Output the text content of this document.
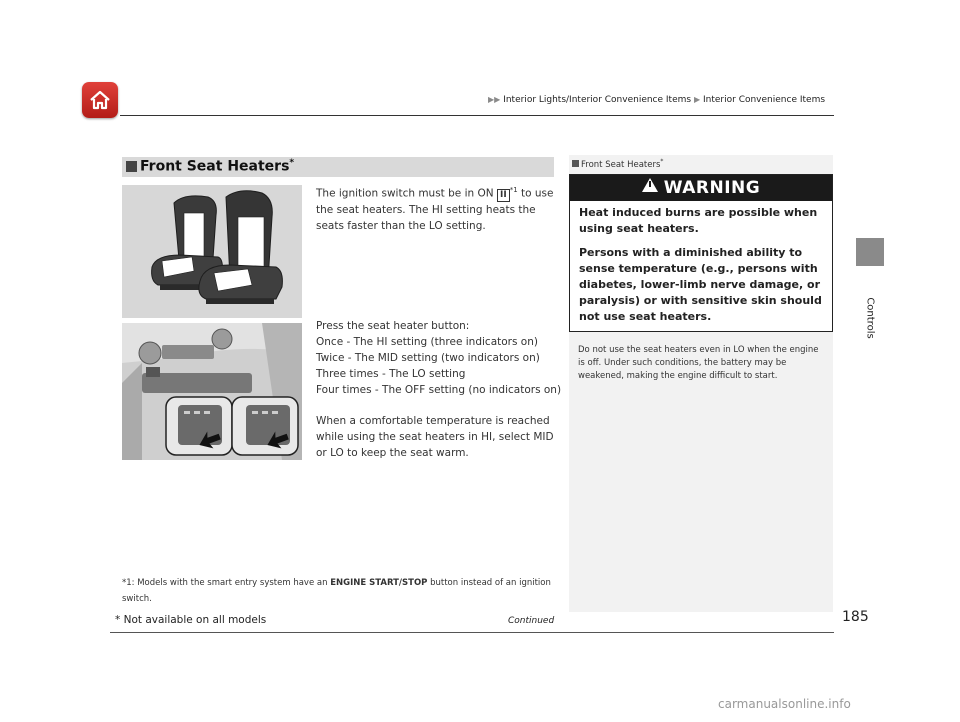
▶▶ Interior Lights/Interior Convenience Items ▶ Interior Convenience Items
Controls
Front Seat Heaters*
The ignition switch must be in ON II $^{*1}$ to use the seat heaters. The HI setting heats the seats faster than the LO setting.
Press the seat heater button:
Once - The HI setting (three indicators on)
Twice - The MID setting (two indicators on)
Three times - The LO setting
Four times - The OFF setting (no indicators on)
When a comfortable temperature is reached while using the seat heaters in HI, select MID or LO to keep the seat warm.
*1: Models with the smart entry system have an ENGINE START/STOP button instead of an ignition switch.
Front Seat Heaters*
WARNING
Heat induced burns are possible when using seat heaters.
Persons with a diminished ability to sense temperature (e.g., persons with diabetes, lower-limb nerve damage, or paralysis) or with sensitive skin should not use seat heaters.
Do not use the seat heaters even in LO when the engine is off. Under such conditions, the battery may be weakened, making the engine difficult to start.
Continued
* Not available on all models	185
carmanualsonline.info
